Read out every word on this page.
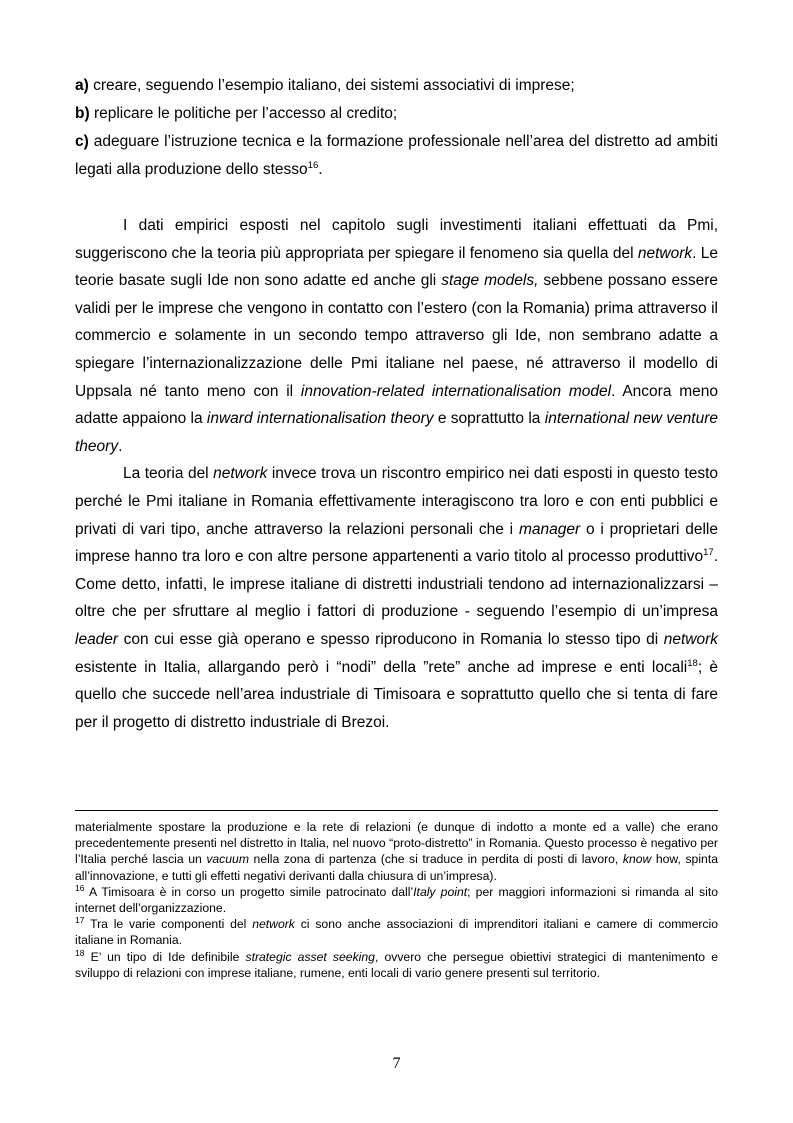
a) creare, seguendo l’esempio italiano, dei sistemi associativi di imprese;

b) replicare le politiche per l’accesso al credito;

c) adeguare l’istruzione tecnica e la formazione professionale nell’area del distretto ad ambiti legati alla produzione dello stesso$^{16}$.

I dati empirici esposti nel capitolo sugli investimenti italiani effettuati da Pmi, suggeriscono che la teoria più appropriata per spiegare il fenomeno sia quella del network. Le teorie basate sugli Ide non sono adatte ed anche gli stage models, sebbene possano essere validi per le imprese che vengono in contatto con l’estero (con la Romania) prima attraverso il commercio e solamente in un secondo tempo attraverso gli Ide, non sembrano adatte a spiegare l’internazionalizzazione delle Pmi italiane nel paese, né attraverso il modello di Uppsala né tanto meno con il innovation-related internationalisation model. Ancora meno adatte appaiono la inward internationalisation theory e soprattutto la international new venture theory.

La teoria del network invece trova un riscontro empirico nei dati esposti in questo testo perché le Pmi italiane in Romania effettivamente interagiscono tra loro e con enti pubblici e privati di vari tipo, anche attraverso la relazioni personali che i manager o i proprietari delle imprese hanno tra loro e con altre persone appartenenti a vario titolo al processo produttivo$^{17}$. Come detto, infatti, le imprese italiane di distretti industriali tendono ad internazionalizzarsi – oltre che per sfruttare al meglio i fattori di produzione - seguendo l’esempio di un’impresa leader con cui esse già operano e spesso riproducono in Romania lo stesso tipo di network esistente in Italia, allargando però i “nodi” della ”rete” anche ad imprese e enti locali$^{18}$; è quello che succede nell’area industriale di Timisoara e soprattutto quello che si tenta di fare per il progetto di distretto industriale di Brezoi.

materialmente spostare la produzione e la rete di relazioni (e dunque di indotto a monte ed a valle) che erano precedentemente presenti nel distretto in Italia, nel nuovo “proto-distretto” in Romania. Questo processo è negativo per l’Italia perché lascia un vacuum nella zona di partenza (che si traduce in perdita di posti di lavoro, know how, spinta all’innovazione, e tutti gli effetti negativi derivanti dalla chiusura di un’impresa).

$^{16}$ A Timisoara è in corso un progetto simile patrocinato dall’Italy point; per maggiori informazioni si rimanda al sito internet dell’organizzazione.

$^{17}$ Tra le varie componenti del network ci sono anche associazioni di imprenditori italiani e camere di commercio italiane in Romania.

$^{18}$ E’ un tipo di Ide definibile strategic asset seeking, ovvero che persegue obiettivi strategici di mantenimento e sviluppo di relazioni con imprese italiane, rumene, enti locali di vario genere presenti sul territorio.

7
